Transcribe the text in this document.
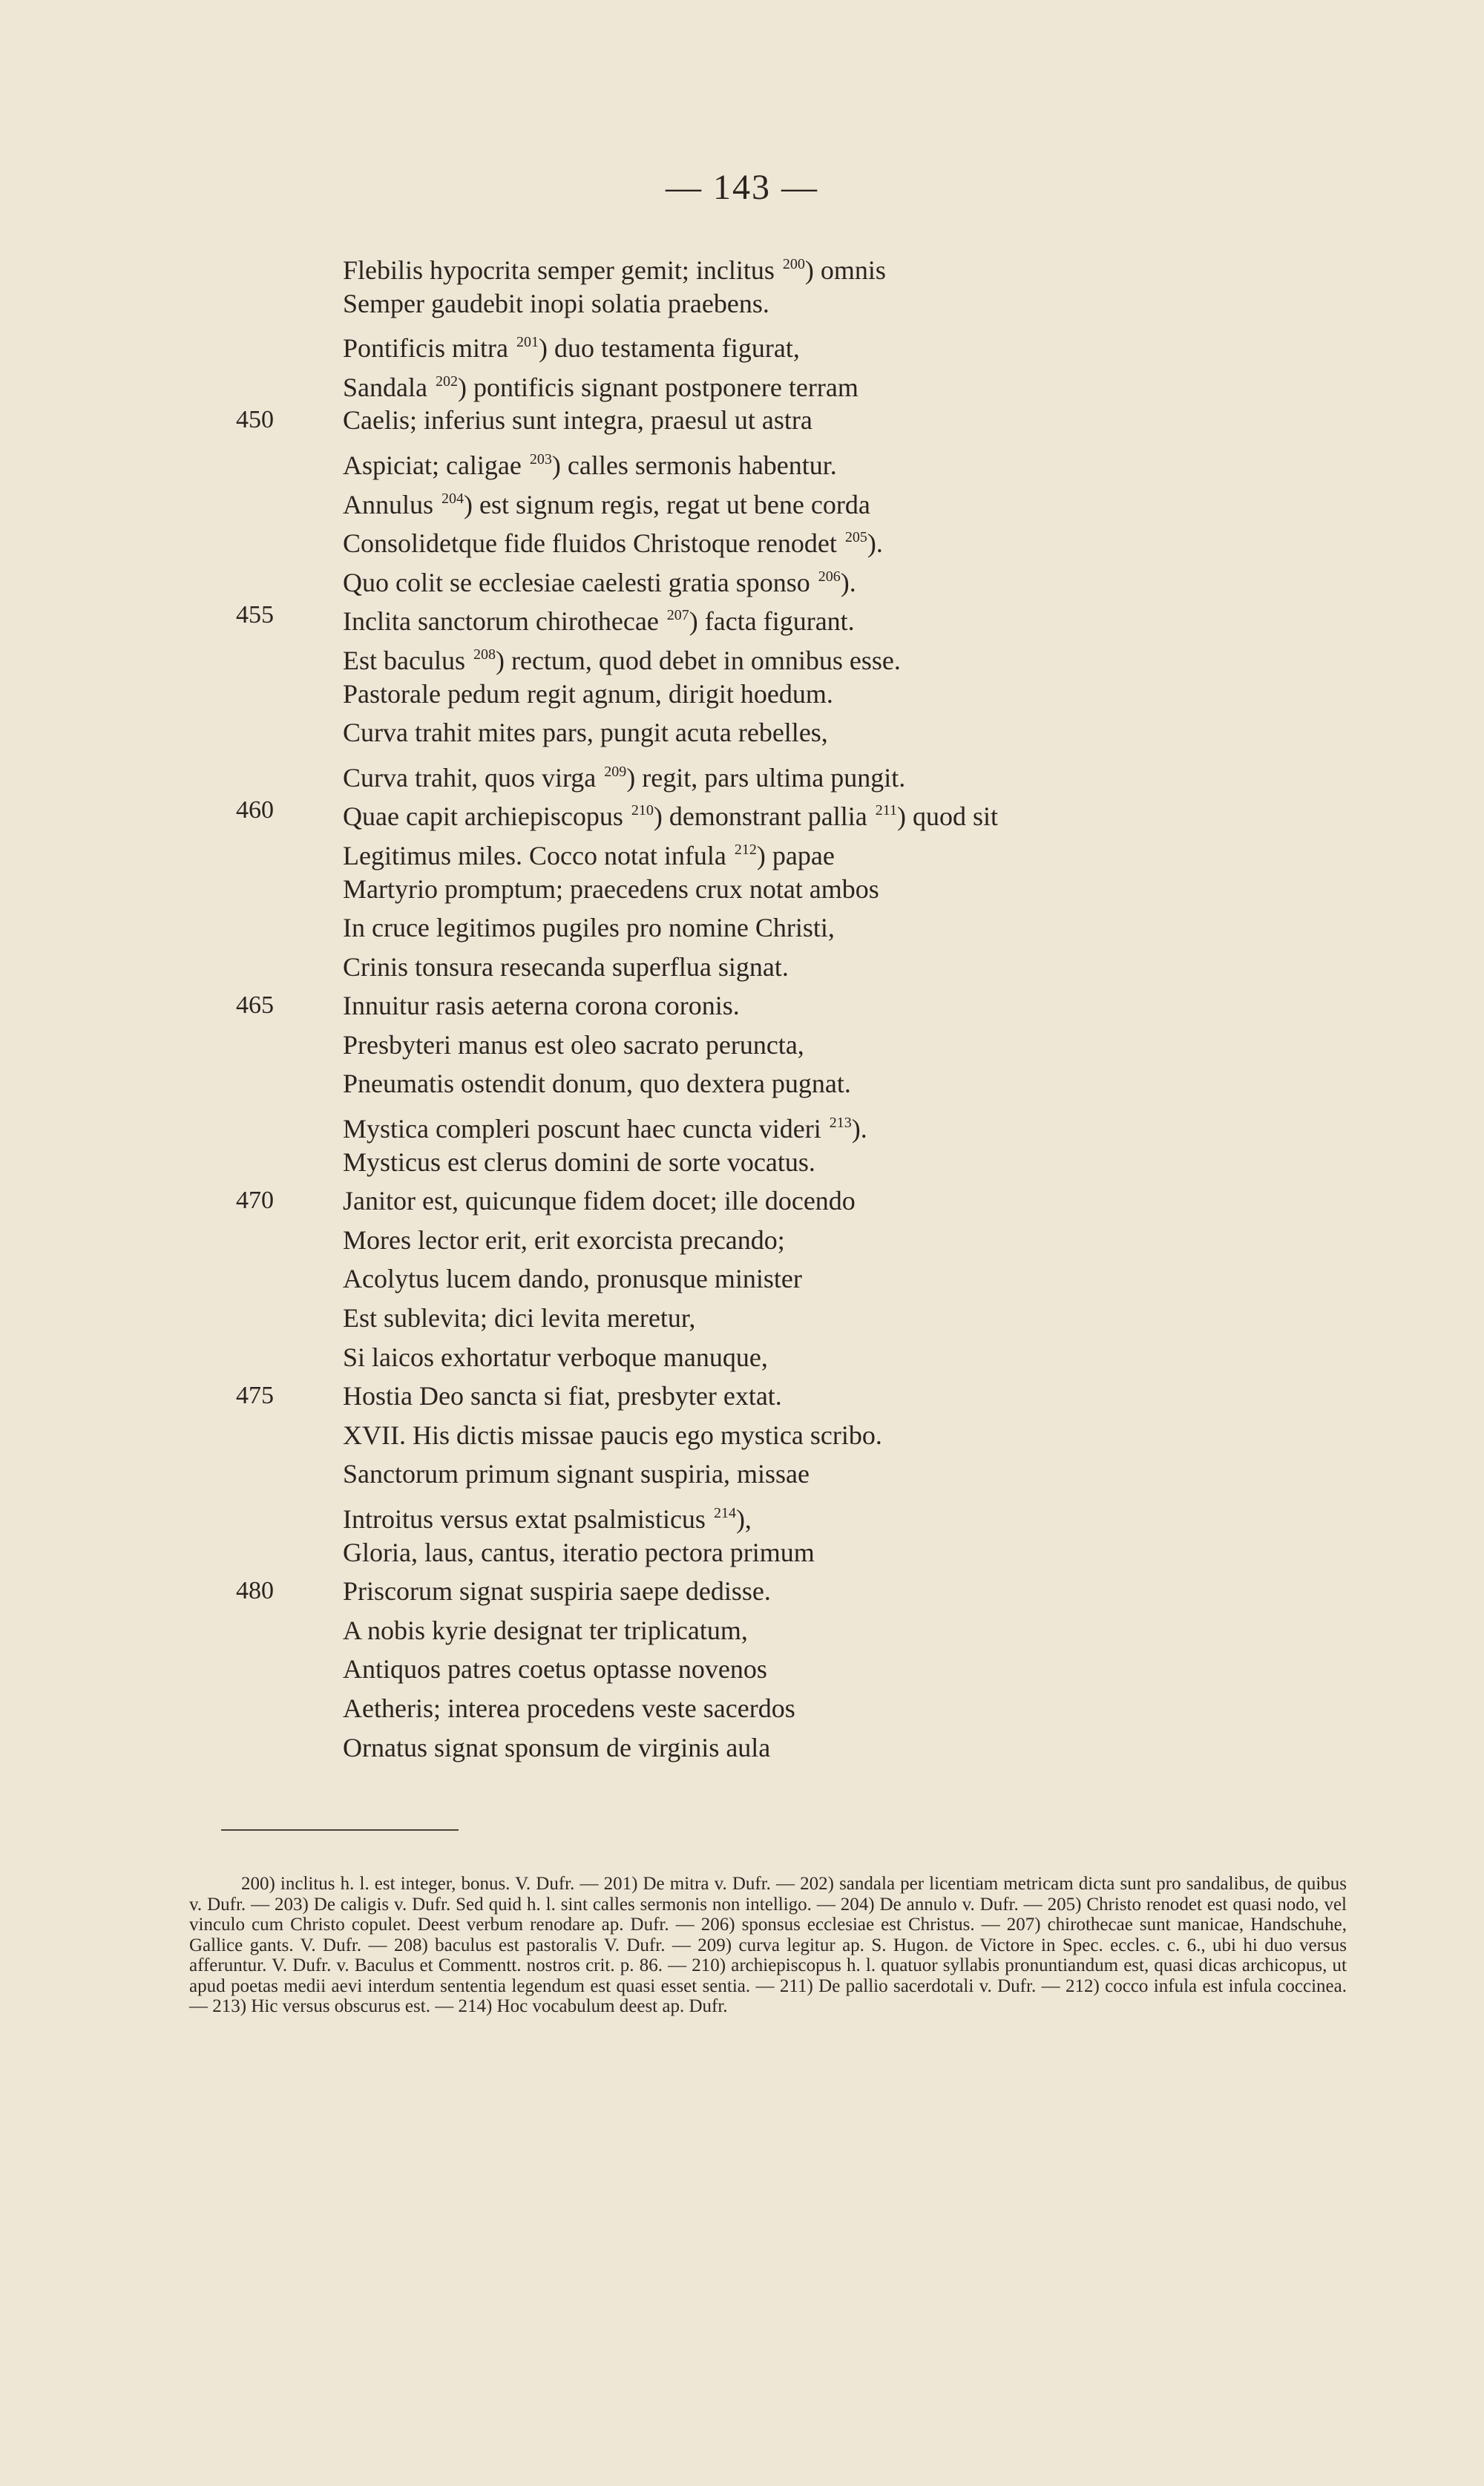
— 143 —
Flebilis hypocrita semper gemit; inclitus $^{200}$) omnis
Semper gaudebit inopi solatia praebens.
Pontificis mitra $^{201}$) duo testamenta figurat,
Sandala $^{202}$) pontificis signant postponere terram
450	Caelis; inferius sunt integra, praesul ut astra
Aspiciat; caligae $^{203}$) calles sermonis habentur.
Annulus $^{204}$) est signum regis, regat ut bene corda
Consolidetque fide fluidos Christoque renodet $^{205}$).
Quo colit se ecclesiae caelesti gratia sponso $^{206}$).
455	Inclita sanctorum chirothecae $^{207}$) facta figurant.
Est baculus $^{208}$) rectum, quod debet in omnibus esse.
Pastorale pedum regit agnum, dirigit hoedum.
Curva trahit mites pars, pungit acuta rebelles,
Curva trahit, quos virga $^{209}$) regit, pars ultima pungit.
460	Quae capit archiepiscopus $^{210}$) demonstrant pallia $^{211}$) quod sit
Legitimus miles. Cocco notat infula $^{212}$) papae
Martyrio promptum; praecedens crux notat ambos
In cruce legitimos pugiles pro nomine Christi,
Crinis tonsura resecanda superflua signat.
465	Innuitur rasis aeterna corona coronis.
Presbyteri manus est oleo sacrato peruncta,
Pneumatis ostendit donum, quo dextera pugnat.
Mystica compleri poscunt haec cuncta videri $^{213}$).
Mysticus est clerus domini de sorte vocatus.
470	Janitor est, quicunque fidem docet; ille docendo
Mores lector erit, erit exorcista precando;
Acolytus lucem dando, pronusque minister
Est sublevita; dici levita meretur,
Si laicos exhortatur verboque manuque,
475	Hostia Deo sancta si fiat, presbyter extat.
XVII. His dictis missae paucis ego mystica scribo.
Sanctorum primum signant suspiria, missae
Introitus versus extat psalmisticus $^{214}$),
Gloria, laus, cantus, iteratio pectora primum
480	Priscorum signat suspiria saepe dedisse.
A nobis kyrie designat ter triplicatum,
Antiquos patres coetus optasse novenos
Aetheris; interea procedens veste sacerdos
Ornatus signat sponsum de virginis aula

200) inclitus h. l. est integer, bonus. V. Dufr. — 201) De mitra v. Dufr. — 202) sandala per licentiam metricam dicta sunt pro sandalibus, de quibus v. Dufr. — 203) De caligis v. Dufr. Sed quid h. l. sint calles sermonis non intelligo. — 204) De annulo v. Dufr. — 205) Christo renodet est quasi nodo, vel vinculo cum Christo copulet. Deest verbum renodare ap. Dufr. — 206) sponsus ecclesiae est Christus. — 207) chirothecae sunt manicae, Handschuhe, Gallice gants. V. Dufr. — 208) baculus est pastoralis V. Dufr. — 209) curva legitur ap. S. Hugon. de Victore in Spec. eccles. c. 6., ubi hi duo versus afferuntur. V. Dufr. v. Baculus et Commentt. nostros crit. p. 86. — 210) archiepiscopus h. l. quatuor syllabis pronuntiandum est, quasi dicas archicopus, ut apud poetas medii aevi interdum sententia legendum est quasi esset sentia. — 211) De pallio sacerdotali v. Dufr. — 212) cocco infula est infula coccinea. — 213) Hic versus obscurus est. — 214) Hoc vocabulum deest ap. Dufr.
